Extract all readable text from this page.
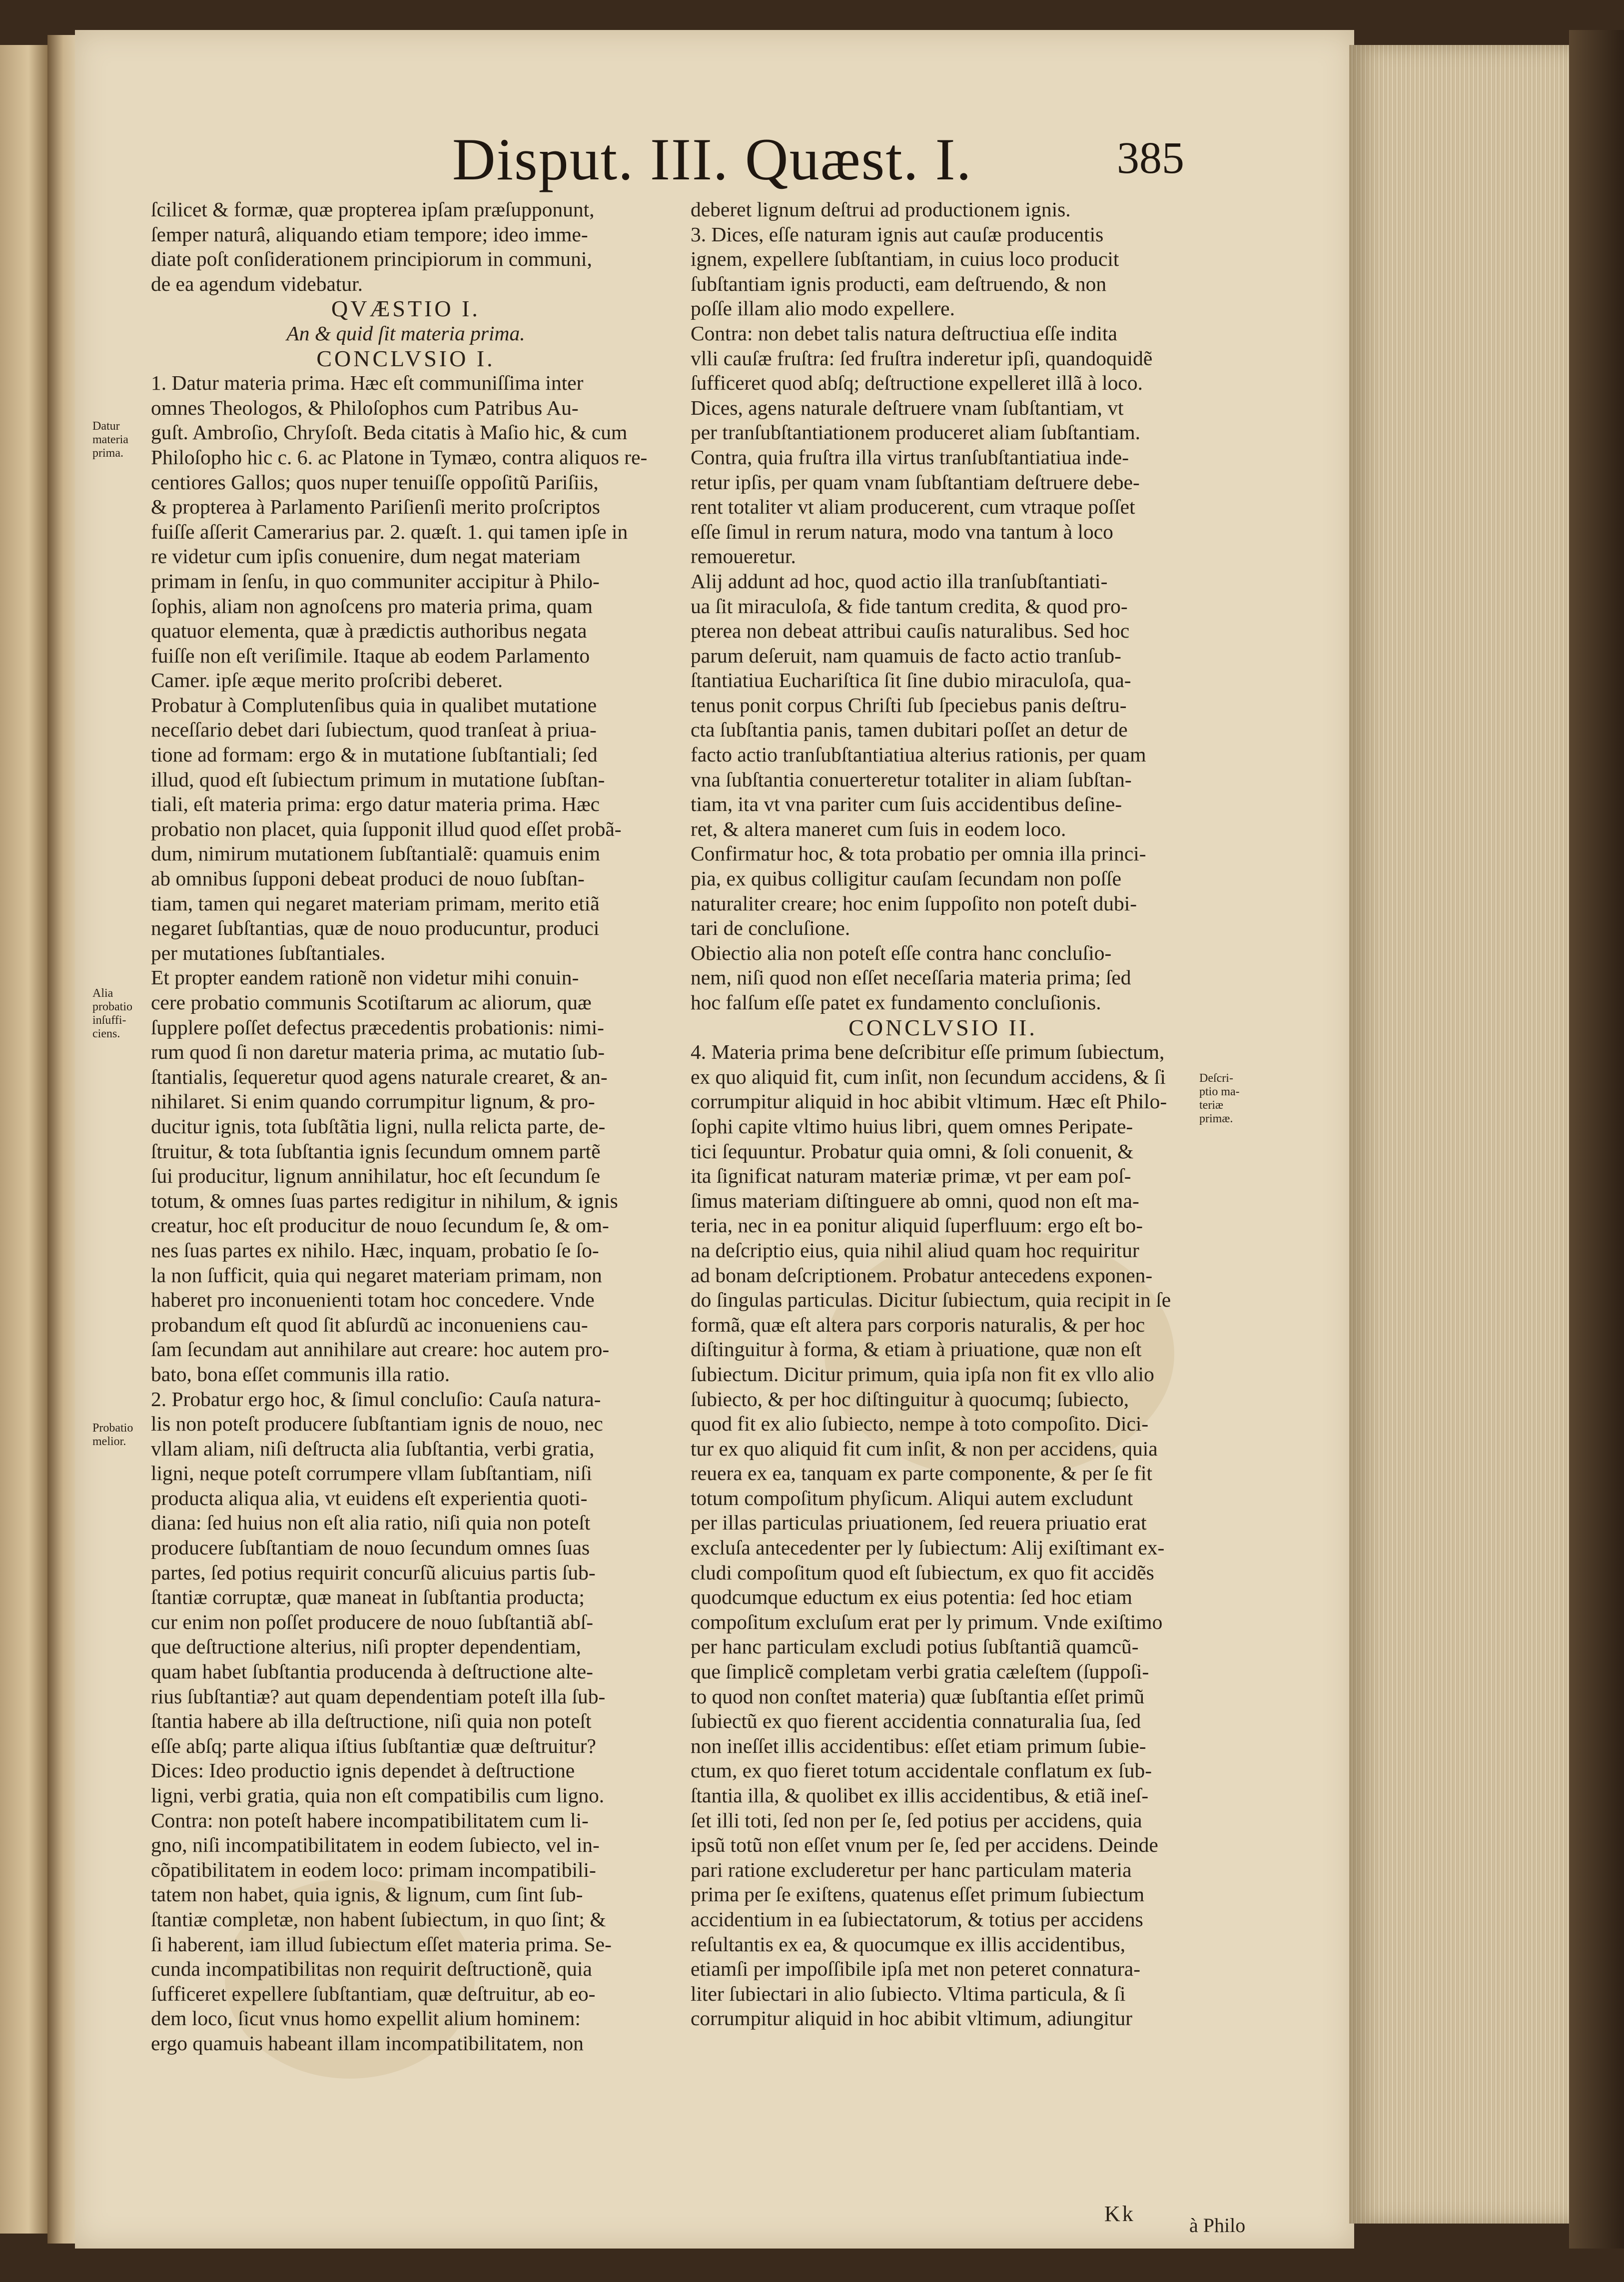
Disput. III. Quæst. I.	385
ſcilicet & formæ, quæ propterea ipſam præſupponunt,
ſemper naturâ, aliquando etiam tempore; ideo imme-
diate poſt conſiderationem principiorum in communi,
de ea agendum videbatur.
QVÆSTIO I.
An & quid ſit materia prima.
CONCLVSIO I.
1. Datur materia prima. Hæc eſt communiſſima inter
omnes Theologos, & Philoſophos cum Patribus Au-
guſt. Ambroſio, Chryſoſt. Beda citatis à Maſio hic, & cum
Philoſopho hic c. 6. ac Platone in Tymæo, contra aliquos re-
centiores Gallos; quos nuper tenuiſſe oppoſitũ Pariſiis,
& propterea à Parlamento Pariſienſi merito proſcriptos
fuiſſe aſſerit Camerarius par. 2. quæſt. 1. qui tamen ipſe in
re videtur cum ipſis conuenire, dum negat materiam
primam in ſenſu, in quo communiter accipitur à Philo-
ſophis, aliam non agnoſcens pro materia prima, quam
quatuor elementa, quæ à prædictis authoribus negata
fuiſſe non eſt veriſimile. Itaque ab eodem Parlamento
Camer. ipſe æque merito proſcribi deberet.
Probatur à Complutenſibus quia in qualibet mutatione
neceſſario debet dari ſubiectum, quod tranſeat à priua-
tione ad formam: ergo & in mutatione ſubſtantiali; ſed
illud, quod eſt ſubiectum primum in mutatione ſubſtan-
tiali, eſt materia prima: ergo datur materia prima. Hæc
probatio non placet, quia ſupponit illud quod eſſet probã-
dum, nimirum mutationem ſubſtantialẽ: quamuis enim
ab omnibus ſupponi debeat produci de nouo ſubſtan-
tiam, tamen qui negaret materiam primam, merito etiã
negaret ſubſtantias, quæ de nouo producuntur, produci
per mutationes ſubſtantiales.
Et propter eandem rationẽ non videtur mihi conuin-
cere probatio communis Scotiſtarum ac aliorum, quæ
ſupplere poſſet defectus præcedentis probationis: nimi-
rum quod ſi non daretur materia prima, ac mutatio ſub-
ſtantialis, ſequeretur quod agens naturale crearet, & an-
nihilaret. Si enim quando corrumpitur lignum, & pro-
ducitur ignis, tota ſubſtãtia ligni, nulla relicta parte, de-
ſtruitur, & tota ſubſtantia ignis ſecundum omnem partẽ
ſui producitur, lignum annihilatur, hoc eſt ſecundum ſe
totum, & omnes ſuas partes redigitur in nihilum, & ignis
creatur, hoc eſt producitur de nouo ſecundum ſe, & om-
nes ſuas partes ex nihilo. Hæc, inquam, probatio ſe ſo-
la non ſufficit, quia qui negaret materiam primam, non
haberet pro inconuenienti totam hoc concedere. Vnde
probandum eſt quod ſit abſurdũ ac inconueniens cau-
ſam ſecundam aut annihilare aut creare: hoc autem pro-
bato, bona eſſet communis illa ratio.
2. Probatur ergo hoc, & ſimul concluſio: Cauſa natura-
lis non poteſt producere ſubſtantiam ignis de nouo, nec
vllam aliam, niſi deſtructa alia ſubſtantia, verbi gratia,
ligni, neque poteſt corrumpere vllam ſubſtantiam, niſi
producta aliqua alia, vt euidens eſt experientia quoti-
diana: ſed huius non eſt alia ratio, niſi quia non poteſt
producere ſubſtantiam de nouo ſecundum omnes ſuas
partes, ſed potius requirit concurſũ alicuius partis ſub-
ſtantiæ corruptæ, quæ maneat in ſubſtantia producta;
cur enim non poſſet producere de nouo ſubſtantiã abſ-
que deſtructione alterius, niſi propter dependentiam,
quam habet ſubſtantia producenda à deſtructione alte-
rius ſubſtantiæ? aut quam dependentiam poteſt illa ſub-
ſtantia habere ab illa deſtructione, niſi quia non poteſt
eſſe abſq; parte aliqua iſtius ſubſtantiæ quæ deſtruitur?
Dices: Ideo productio ignis dependet à deſtructione
ligni, verbi gratia, quia non eſt compatibilis cum ligno.
Contra: non poteſt habere incompatibilitatem cum li-
gno, niſi incompatibilitatem in eodem ſubiecto, vel in-
cõpatibilitatem in eodem loco: primam incompatibili-
tatem non habet, quia ignis, & lignum, cum ſint ſub-
ſtantiæ completæ, non habent ſubiectum, in quo ſint; &
ſi haberent, iam illud ſubiectum eſſet materia prima. Se-
cunda incompatibilitas non requirit deſtructionẽ, quia
ſufficeret expellere ſubſtantiam, quæ deſtruitur, ab eo-
dem loco, ſicut vnus homo expellit alium hominem:
ergo quamuis habeant illam incompatibilitatem, non
deberet lignum deſtrui ad productionem ignis.
3. Dices, eſſe naturam ignis aut cauſæ producentis
ignem, expellere ſubſtantiam, in cuius loco producit
ſubſtantiam ignis producti, eam deſtruendo, & non
poſſe illam alio modo expellere.
Contra: non debet talis natura deſtructiua eſſe indita
vlli cauſæ fruſtra: ſed fruſtra inderetur ipſi, quandoquidẽ
ſufficeret quod abſq; deſtructione expelleret illã à loco.
Dices, agens naturale deſtruere vnam ſubſtantiam, vt
per tranſubſtantiationem produceret aliam ſubſtantiam.
Contra, quia fruſtra illa virtus tranſubſtantiatiua inde-
retur ipſis, per quam vnam ſubſtantiam deſtruere debe-
rent totaliter vt aliam producerent, cum vtraque poſſet
eſſe ſimul in rerum natura, modo vna tantum à loco
remoueretur.
Alij addunt ad hoc, quod actio illa tranſubſtantiati-
ua ſit miraculoſa, & fide tantum credita, & quod pro-
pterea non debeat attribui cauſis naturalibus. Sed hoc
parum deſeruit, nam quamuis de facto actio tranſub-
ſtantiatiua Euchariſtica ſit ſine dubio miraculoſa, qua-
tenus ponit corpus Chriſti ſub ſpeciebus panis deſtru-
cta ſubſtantia panis, tamen dubitari poſſet an detur de
facto actio tranſubſtantiatiua alterius rationis, per quam
vna ſubſtantia conuerteretur totaliter in aliam ſubſtan-
tiam, ita vt vna pariter cum ſuis accidentibus deſine-
ret, & altera maneret cum ſuis in eodem loco.
Confirmatur hoc, & tota probatio per omnia illa princi-
pia, ex quibus colligitur cauſam ſecundam non poſſe
naturaliter creare; hoc enim ſuppoſito non poteſt dubi-
tari de concluſione.
Obiectio alia non poteſt eſſe contra hanc concluſio-
nem, niſi quod non eſſet neceſſaria materia prima; ſed
hoc falſum eſſe patet ex fundamento concluſionis.
CONCLVSIO II.
4. Materia prima bene deſcribitur eſſe primum ſubiectum,
ex quo aliquid fit, cum inſit, non ſecundum accidens, & ſi
corrumpitur aliquid in hoc abibit vltimum. Hæc eſt Philo-
ſophi capite vltimo huius libri, quem omnes Peripate-
tici ſequuntur. Probatur quia omni, & ſoli conuenit, &
ita ſignificat naturam materiæ primæ, vt per eam poſ-
ſimus materiam diſtinguere ab omni, quod non eſt ma-
teria, nec in ea ponitur aliquid ſuperfluum: ergo eſt bo-
na deſcriptio eius, quia nihil aliud quam hoc requiritur
ad bonam deſcriptionem. Probatur antecedens exponen-
do ſingulas particulas. Dicitur ſubiectum, quia recipit in ſe
formã, quæ eſt altera pars corporis naturalis, & per hoc
diſtinguitur à forma, & etiam à priuatione, quæ non eſt
ſubiectum. Dicitur primum, quia ipſa non fit ex vllo alio
ſubiecto, & per hoc diſtinguitur à quocumq; ſubiecto,
quod fit ex alio ſubiecto, nempe à toto compoſito. Dici-
tur ex quo aliquid fit cum inſit, & non per accidens, quia
reuera ex ea, tanquam ex parte componente, & per ſe fit
totum compoſitum phyſicum. Aliqui autem excludunt
per illas particulas priuationem, ſed reuera priuatio erat
excluſa antecedenter per ly ſubiectum: Alij exiſtimant ex-
cludi compoſitum quod eſt ſubiectum, ex quo fit accidẽs
quodcumque eductum ex eius potentia: ſed hoc etiam
compoſitum excluſum erat per ly primum. Vnde exiſtimo
per hanc particulam excludi potius ſubſtantiã quamcũ-
que ſimplicẽ completam verbi gratia cæleſtem (ſuppoſi-
to quod non conſtet materia) quæ ſubſtantia eſſet primũ
ſubiectũ ex quo fierent accidentia connaturalia ſua, ſed
non ineſſet illis accidentibus: eſſet etiam primum ſubie-
ctum, ex quo fieret totum accidentale conflatum ex ſub-
ſtantia illa, & quolibet ex illis accidentibus, & etiã ineſ-
ſet illi toti, ſed non per ſe, ſed potius per accidens, quia
ipsũ totũ non eſſet vnum per ſe, ſed per accidens. Deinde
pari ratione excluderetur per hanc particulam materia
prima per ſe exiſtens, quatenus eſſet primum ſubiectum
accidentium in ea ſubiectatorum, & totius per accidens
reſultantis ex ea, & quocumque ex illis accidentibus,
etiamſi per impoſſibile ipſa met non peteret connatura-
liter ſubiectari in alio ſubiecto. Vltima particula, & ſi
corrumpitur aliquid in hoc abibit vltimum, adiungitur
Datur
materia
prima.
Alia
probatio
inſuffi-
ciens.
Probatio
melior.
Deſcri-
ptio ma-
teriæ
primæ.
Kk	à Philo
